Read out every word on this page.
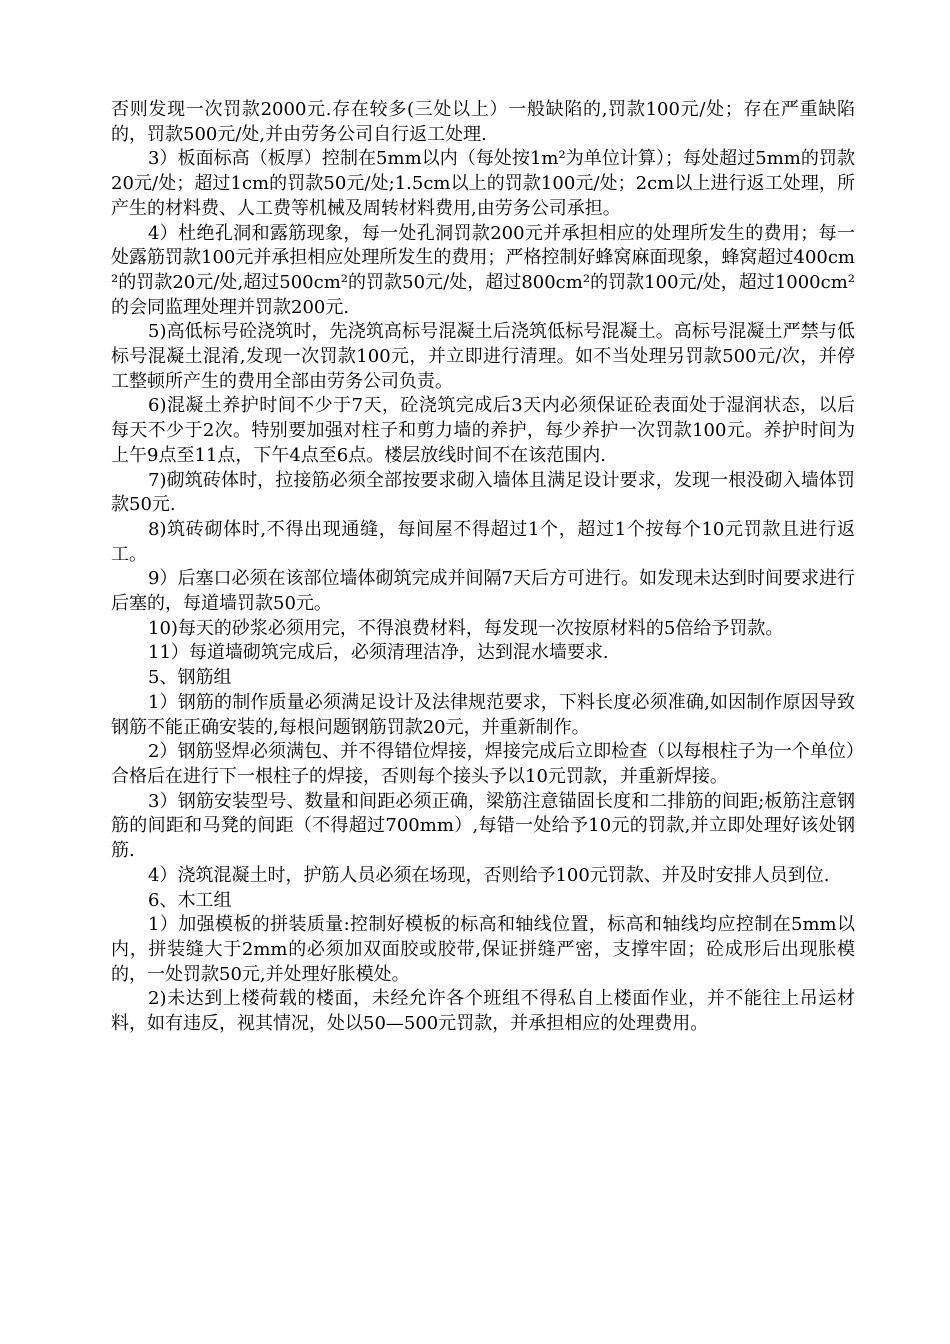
否则发现一次罚款2000元.存在较多(三处以上）一般缺陷的,罚款100元/处；存在严重缺陷的，罚款500元/处,并由劳务公司自行返工处理.

3）板面标高（板厚）控制在5mm以内（每处按1m²为单位计算）；每处超过5mm的罚款20元/处；超过1cm的罚款50元/处;1.5cm以上的罚款100元/处；2cm以上进行返工处理，所产生的材料费、人工费等机械及周转材料费用,由劳务公司承担。

4）杜绝孔洞和露筋现象，每一处孔洞罚款200元并承担相应的处理所发生的费用；每一处露筋罚款100元并承担相应处理所发生的费用；严格控制好蜂窝麻面现象，蜂窝超过400cm²的罚款20元/处,超过500cm²的罚款50元/处，超过800cm²的罚款100元/处，超过1000cm²的会同监理处理并罚款200元.

5)高低标号砼浇筑时，先浇筑高标号混凝土后浇筑低标号混凝土。高标号混凝土严禁与低标号混凝土混淆,发现一次罚款100元，并立即进行清理。如不当处理另罚款500元/次，并停工整顿所产生的费用全部由劳务公司负责。

6)混凝土养护时间不少于7天，砼浇筑完成后3天内必须保证砼表面处于湿润状态，以后每天不少于2次。特别要加强对柱子和剪力墙的养护，每少养护一次罚款100元。养护时间为上午9点至11点，下午4点至6点。楼层放线时间不在该范围内.

7)砌筑砖体时，拉接筋必须全部按要求砌入墙体且满足设计要求，发现一根没砌入墙体罚款50元.

8)筑砖砌体时,不得出现通缝，每间屋不得超过1个，超过1个按每个10元罚款且进行返工。

9）后塞口必须在该部位墙体砌筑完成并间隔7天后方可进行。如发现未达到时间要求进行后塞的，每道墙罚款50元。

10)每天的砂浆必须用完，不得浪费材料，每发现一次按原材料的5倍给予罚款。

11）每道墙砌筑完成后，必须清理洁净，达到混水墙要求.

5、钢筋组

1）钢筋的制作质量必须满足设计及法律规范要求，下料长度必须准确,如因制作原因导致钢筋不能正确安装的,每根问题钢筋罚款20元，并重新制作。

2）钢筋竖焊必须满包、并不得错位焊接，焊接完成后立即检查（以每根柱子为一个单位）合格后在进行下一根柱子的焊接，否则每个接头予以10元罚款，并重新焊接。

3）钢筋安装型号、数量和间距必须正确，梁筋注意锚固长度和二排筋的间距;板筋注意钢筋的间距和马凳的间距（不得超过700mm）,每错一处给予10元的罚款,并立即处理好该处钢筋.

4）浇筑混凝土时，护筋人员必须在场现，否则给予100元罚款、并及时安排人员到位.

6、木工组

1）加强模板的拼装质量:控制好模板的标高和轴线位置，标高和轴线均应控制在5mm以内，拼装缝大于2mm的必须加双面胶或胶带,保证拼缝严密，支撑牢固；砼成形后出现胀模的，一处罚款50元,并处理好胀模处。

2)未达到上楼荷载的楼面，未经允许各个班组不得私自上楼面作业，并不能往上吊运材料，如有违反，视其情况，处以50—500元罚款，并承担相应的处理费用。
